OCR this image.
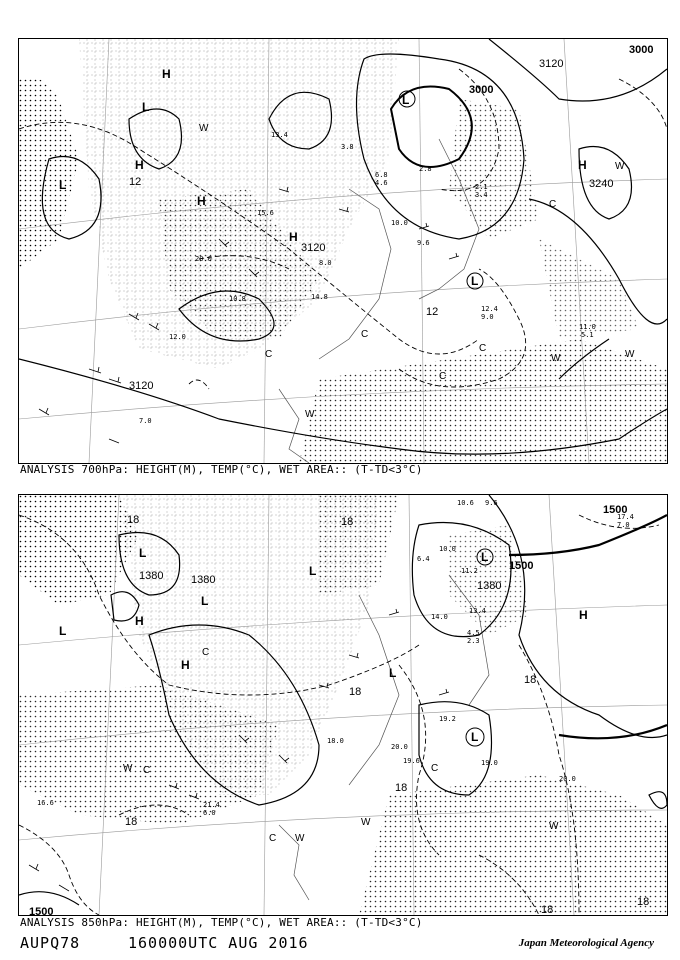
3000
3000
3120
3120
3120
3240
12
12
H
H
H
H
H
L	L
L
L
C
C
C
C
C
W
W
W
W
W
12.0
10.8	14.8
20.0
15.6
3.8
11.0
5.1
12.4
9.0
6.8
4.6
2.8
10.0
7.0
13.4
8.0
9.6
2.1
3.4
ANALYSIS 700hPa: HEIGHT(M), TEMP(°C), WET AREA:: (T-TD<3°C)
1500
1500
1500
1380	1380	1380
18	18
18
18
18
18
18
18
H
H
H
L
L
L
L
L
L
L
C
C
C
C
W
W
W	W
10.6 9.6
10.0
6.4
11.2
13.4
14.0
19.2
20.0
19.6
21.4
19.0
20.0
6.0
18.0
16.6
4.5
2.3
17.4
7.0
ANALYSIS 850hPa: HEIGHT(M), TEMP(°C), WET AREA:: (T-TD<3°C)
AUPQ78	160000UTC AUG 2016	Japan Meteorological Agency
